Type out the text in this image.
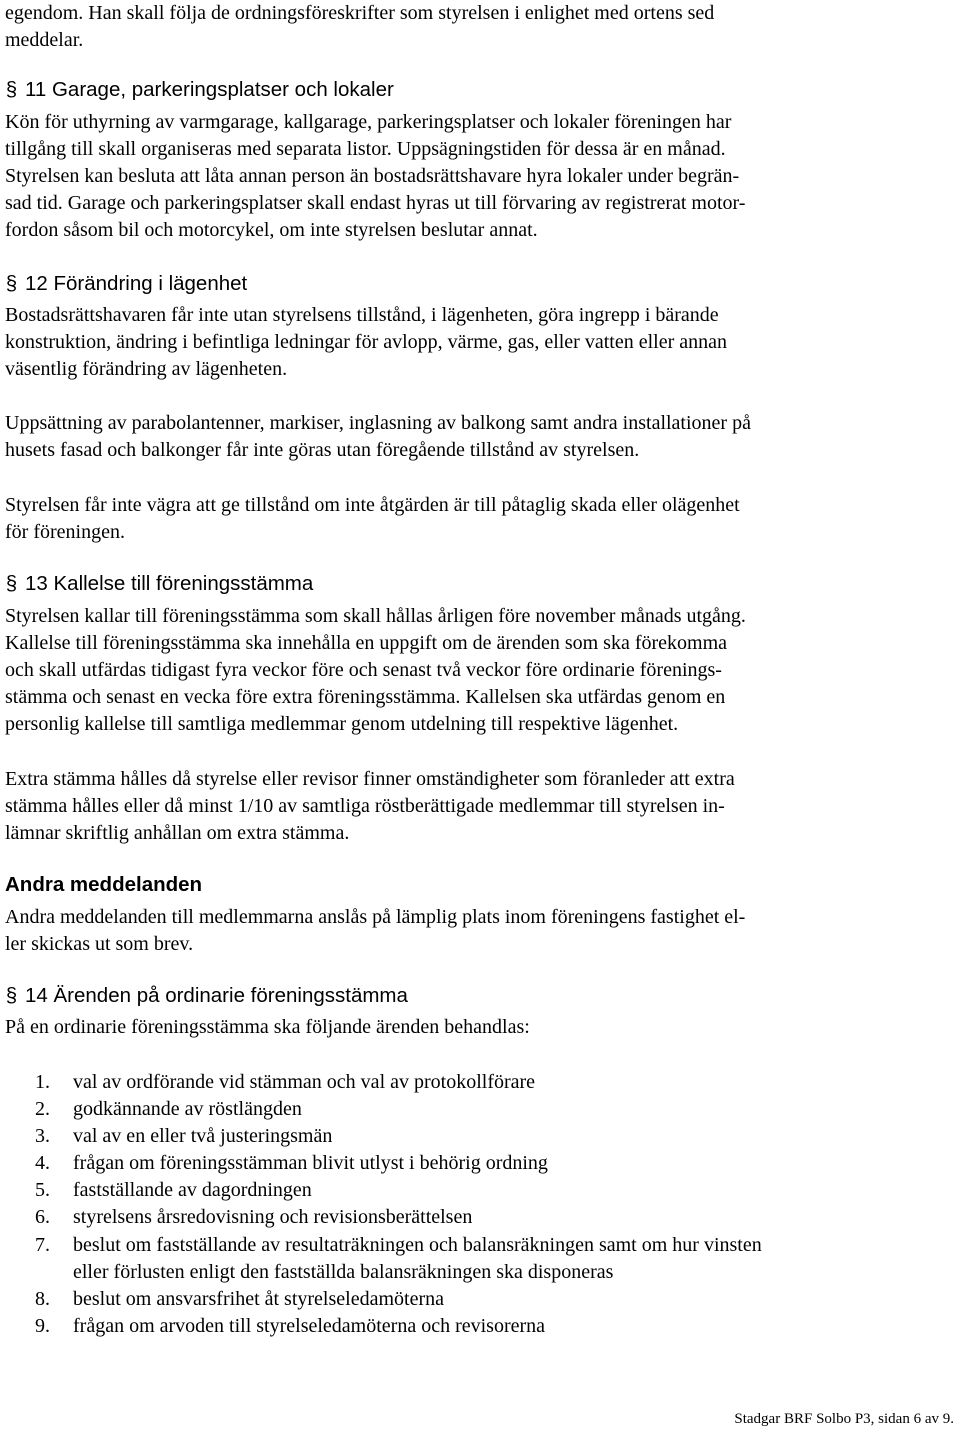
egendom. Han skall följa de ordningsföreskrifter som styrelsen i enlighet med ortens sed
meddelar.
§ 11 Garage, parkeringsplatser och lokaler
Kön för uthyrning av varmgarage, kallgarage, parkeringsplatser och lokaler föreningen har
tillgång till skall organiseras med separata listor. Uppsägningstiden för dessa är en månad.
Styrelsen kan besluta att låta annan person än bostadsrättshavare hyra lokaler under begrän-
sad tid. Garage och parkeringsplatser skall endast hyras ut till förvaring av registrerat motor-
fordon såsom bil och motorcykel, om inte styrelsen beslutar annat.
§ 12 Förändring i lägenhet
Bostadsrättshavaren får inte utan styrelsens tillstånd, i lägenheten, göra ingrepp i bärande
konstruktion, ändring i befintliga ledningar för avlopp, värme, gas, eller vatten eller annan
väsentlig förändring av lägenheten.
Uppsättning av parabolantenner, markiser, inglasning av balkong samt andra installationer på
husets fasad och balkonger får inte göras utan föregående tillstånd av styrelsen.
Styrelsen får inte vägra att ge tillstånd om inte åtgärden är till påtaglig skada eller olägenhet
för föreningen.
§ 13 Kallelse till föreningsstämma
Styrelsen kallar till föreningsstämma som skall hållas årligen före november månads utgång.
Kallelse till föreningsstämma ska innehålla en uppgift om de ärenden som ska förekomma
och skall utfärdas tidigast fyra veckor före och senast två veckor före ordinarie förenings-
stämma och senast en vecka före extra föreningsstämma. Kallelsen ska utfärdas genom en
personlig kallelse till samtliga medlemmar genom utdelning till respektive lägenhet.
Extra stämma hålles då styrelse eller revisor finner omständigheter som föranleder att extra
stämma hålles eller då minst 1/10 av samtliga röstberättigade medlemmar till styrelsen in-
lämnar skriftlig anhållan om extra stämma.
Andra meddelanden
Andra meddelanden till medlemmarna anslås på lämplig plats inom föreningens fastighet el-
ler skickas ut som brev.
§ 14 Ärenden på ordinarie föreningsstämma
På en ordinarie föreningsstämma ska följande ärenden behandlas:
1. val av ordförande vid stämman och val av protokollförare
2. godkännande av röstlängden
3. val av en eller två justeringsmän
4. frågan om föreningsstämman blivit utlyst i behörig ordning
5. fastställande av dagordningen
6. styrelsens årsredovisning och revisionsberättelsen
7. beslut om fastställande av resultaträkningen och balansräkningen samt om hur vinsten
eller förlusten enligt den fastställda balansräkningen ska disponeras
8. beslut om ansvarsfrihet åt styrelseledamöterna
9. frågan om arvoden till styrelseledamöterna och revisorerna
Stadgar BRF Solbo P3, sidan 6 av 9.
